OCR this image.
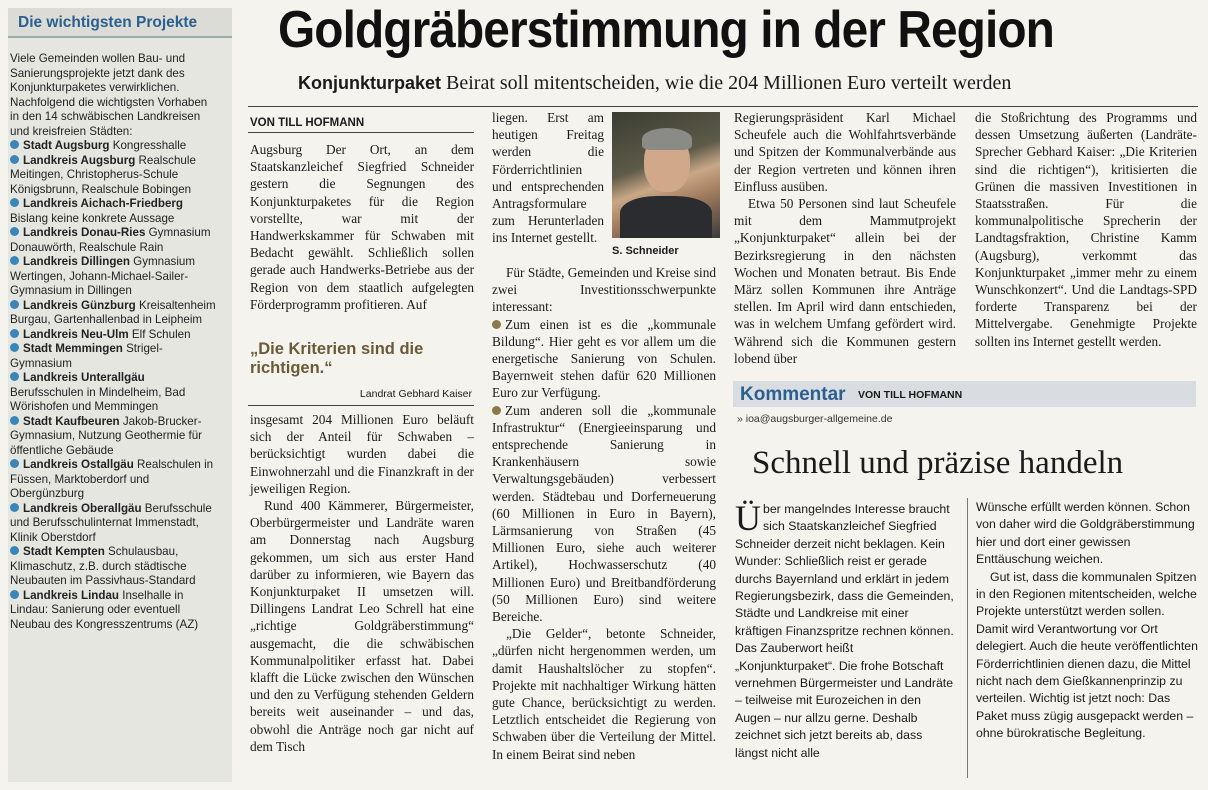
Die wichtigsten Projekte

Viele Gemeinden wollen Bau- und Sanierungsprojekte jetzt dank des Konjunkturpaketes verwirklichen. Nachfolgend die wichtigsten Vorhaben in den 14 schwäbischen Landkreisen und kreisfreien Städten:

Stadt Augsburg Kongresshalle

Landkreis Augsburg Realschule Meitingen, Christopherus-Schule Königsbrunn, Realschule Bobingen

Landkreis Aichach-Friedberg Bislang keine konkrete Aussage

Landkreis Donau-Ries Gymnasium Donauwörth, Realschule Rain

Landkreis Dillingen Gymnasium Wertingen, Johann-Michael-Sailer-Gymnasium in Dillingen

Landkreis Günzburg Kreisaltenheim Burgau, Gartenhallenbad in Leipheim

Landkreis Neu-Ulm Elf Schulen

Stadt Memmingen Strigel-Gymnasium

Landkreis Unterallgäu Berufsschulen in Mindelheim, Bad Wörishofen und Memmingen

Stadt Kaufbeuren Jakob-Brucker-Gymnasium, Nutzung Geothermie für öffentliche Gebäude

Landkreis Ostallgäu Realschulen in Füssen, Marktoberdorf und Obergünzburg

Landkreis Oberallgäu Berufsschule und Berufsschulinternat Immenstadt, Klinik Oberstdorf

Stadt Kempten Schulausbau, Klimaschutz, z.B. durch städtische Neubauten im Passivhaus-Standard

Landkreis Lindau Inselhalle in Lindau: Sanierung oder eventuell Neubau des Kongresszentrums (AZ)

Goldgräberstimmung in der Region
Konjunkturpaket Beirat soll mitentscheiden, wie die 204 Millionen Euro verteilt werden
VON TILL HOFMANN

Augsburg Der Ort, an dem Staatskanzleichef Siegfried Schneider gestern die Segnungen des Konjunkturpaketes für die Region vorstellte, war mit der Handwerkskammer für Schwaben mit Bedacht gewählt. Schließlich sollen gerade auch Handwerks-Betriebe aus der Region von dem staatlich aufgelegten Förderprogramm profitieren. Auf

„Die Kriterien sind die richtigen.“
Landrat Gebhard Kaiser

insgesamt 204 Millionen Euro beläuft sich der Anteil für Schwaben – berücksichtigt wurden dabei die Einwohnerzahl und die Finanzkraft in der jeweiligen Region.

Rund 400 Kämmerer, Bürgermeister, Oberbürgermeister und Landräte waren am Donnerstag nach Augsburg gekommen, um sich aus erster Hand darüber zu informieren, wie Bayern das Konjunkturpaket II umsetzen will. Dillingens Landrat Leo Schrell hat eine „richtige Goldgräberstimmung“ ausgemacht, die die schwäbischen Kommunalpolitiker erfasst hat. Dabei klafft die Lücke zwischen den Wünschen und den zu Verfügung stehenden Geldern bereits weit auseinander – und das, obwohl die Anträge noch gar nicht auf dem Tisch

liegen. Erst am heutigen Freitag werden die Förderrichtlinien und entsprechenden Antragsformulare zum Herunterladen ins Internet gestellt.

S. Schneider

Für Städte, Gemeinden und Kreise sind zwei Investitionsschwerpunkte interessant:

Zum einen ist es die „kommunale Bildung“. Hier geht es vor allem um die energetische Sanierung von Schulen. Bayernweit stehen dafür 620 Millionen Euro zur Verfügung.

Zum anderen soll die „kommunale Infrastruktur“ (Energieeinsparung und entsprechende Sanierung in Krankenhäusern sowie Verwaltungsgebäuden) verbessert werden. Städtebau und Dorferneuerung (60 Millionen in Euro in Bayern), Lärmsanierung von Straßen (45 Millionen Euro, siehe auch weiterer Artikel), Hochwasserschutz (40 Millionen Euro) und Breitbandförderung (50 Millionen Euro) sind weitere Bereiche.

„Die Gelder“, betonte Schneider, „dürfen nicht hergenommen werden, um damit Haushaltslöcher zu stopfen“. Projekte mit nachhaltiger Wirkung hätten gute Chance, berücksichtigt zu werden. Letztlich entscheidet die Regierung von Schwaben über die Verteilung der Mittel. In einem Beirat sind neben

Regierungspräsident Karl Michael Scheufele auch die Wohlfahrtsverbände und Spitzen der Kommunalverbände aus der Region vertreten und können ihren Einfluss ausüben.

Etwa 50 Personen sind laut Scheufele mit dem Mammutprojekt „Konjunkturpaket“ allein bei der Bezirksregierung in den nächsten Wochen und Monaten betraut. Bis Ende März sollen Kommunen ihre Anträge stellen. Im April wird dann entschieden, was in welchem Umfang gefördert wird. Während sich die Kommunen gestern lobend über

die Stoßrichtung des Programms und dessen Umsetzung äußerten (Landräte-Sprecher Gebhard Kaiser: „Die Kriterien sind die richtigen“), kritisierten die Grünen die massiven Investitionen in Staatsstraßen. Für die kommunalpolitische Sprecherin der Landtagsfraktion, Christine Kamm (Augsburg), verkommt das Konjunkturpaket „immer mehr zu einem Wunschkonzert“. Und die Landtags-SPD forderte Transparenz bei der Mittelvergabe. Genehmigte Projekte sollten ins Internet gestellt werden.

Kommentar VON TILL HOFMANN
» ioa@augsburger-allgemeine.de
Schnell und präzise handeln

Über mangelndes Interesse braucht sich Staatskanzleichef Siegfried Schneider derzeit nicht beklagen. Kein Wunder: Schließlich reist er gerade durchs Bayernland und erklärt in jedem Regierungsbezirk, dass die Gemeinden, Städte und Landkreise mit einer kräftigen Finanzspritze rechnen können. Das Zauberwort heißt „Konjunkturpaket“. Die frohe Botschaft vernehmen Bürgermeister und Landräte – teilweise mit Eurozeichen in den Augen – nur allzu gerne. Deshalb zeichnet sich jetzt bereits ab, dass längst nicht alle

Wünsche erfüllt werden können. Schon von daher wird die Goldgräberstimmung hier und dort einer gewissen Enttäuschung weichen.

Gut ist, dass die kommunalen Spitzen in den Regionen mitentscheiden, welche Projekte unterstützt werden sollen. Damit wird Verantwortung vor Ort delegiert. Auch die heute veröffentlichten Förderrichtlinien dienen dazu, die Mittel nicht nach dem Gießkannenprinzip zu verteilen. Wichtig ist jetzt noch: Das Paket muss zügig ausgepackt werden – ohne bürokratische Begleitung.
